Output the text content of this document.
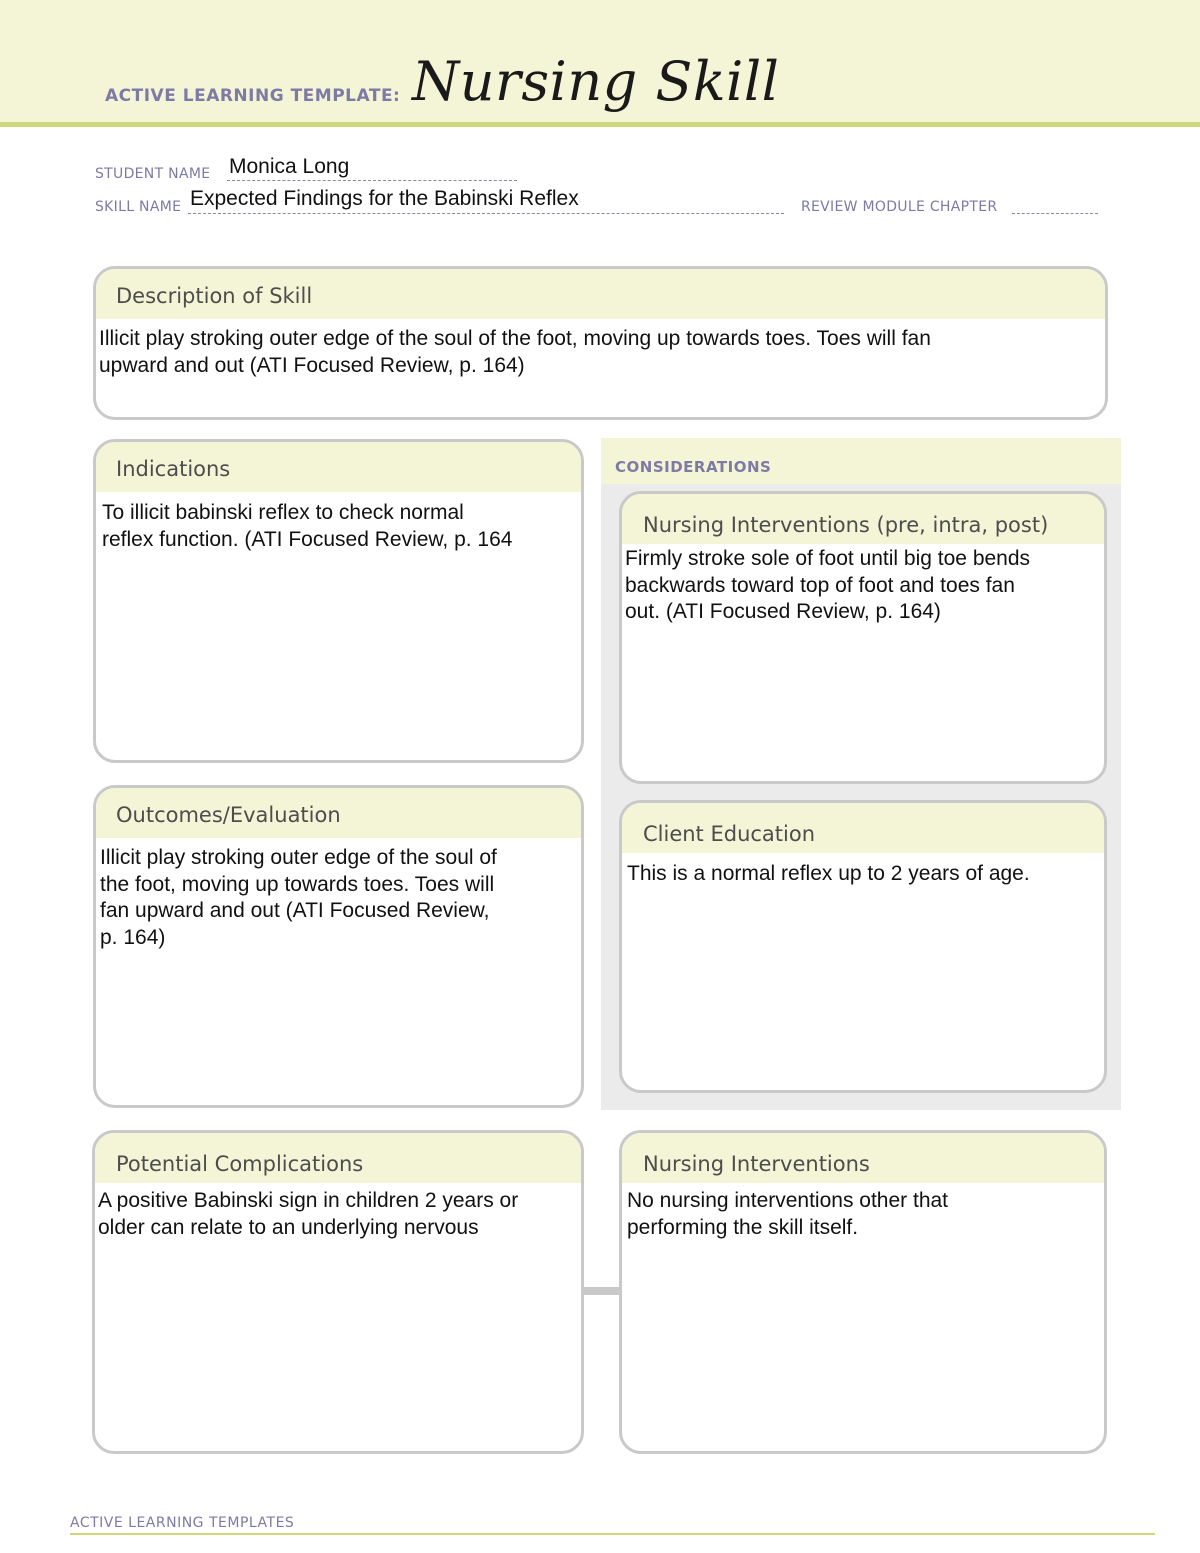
ACTIVE LEARNING TEMPLATE: Nursing Skill
STUDENT NAME Monica Long
SKILL NAME Expected Findings for the Babinski Reflex	REVIEW MODULE CHAPTER
Description of Skill
Illicit play stroking outer edge of the soul of the foot, moving up towards toes. Toes will fan
upward and out (ATI Focused Review, p. 164)
Indications
To illicit babinski reflex to check normal
reflex function. (ATI Focused Review, p. 164
Outcomes/Evaluation
Illicit play stroking outer edge of the soul of
the foot, moving up towards toes. Toes will
fan upward and out (ATI Focused Review,
p. 164)
CONSIDERATIONS
Nursing Interventions (pre, intra, post)
Firmly stroke sole of foot until big toe bends
backwards toward top of foot and toes fan
out. (ATI Focused Review, p. 164)
Client Education
This is a normal reflex up to 2 years of age.
Potential Complications
A positive Babinski sign in children 2 years or
older can relate to an underlying nervous
Nursing Interventions
No nursing interventions other that
performing the skill itself.
ACTIVE LEARNING TEMPLATES
